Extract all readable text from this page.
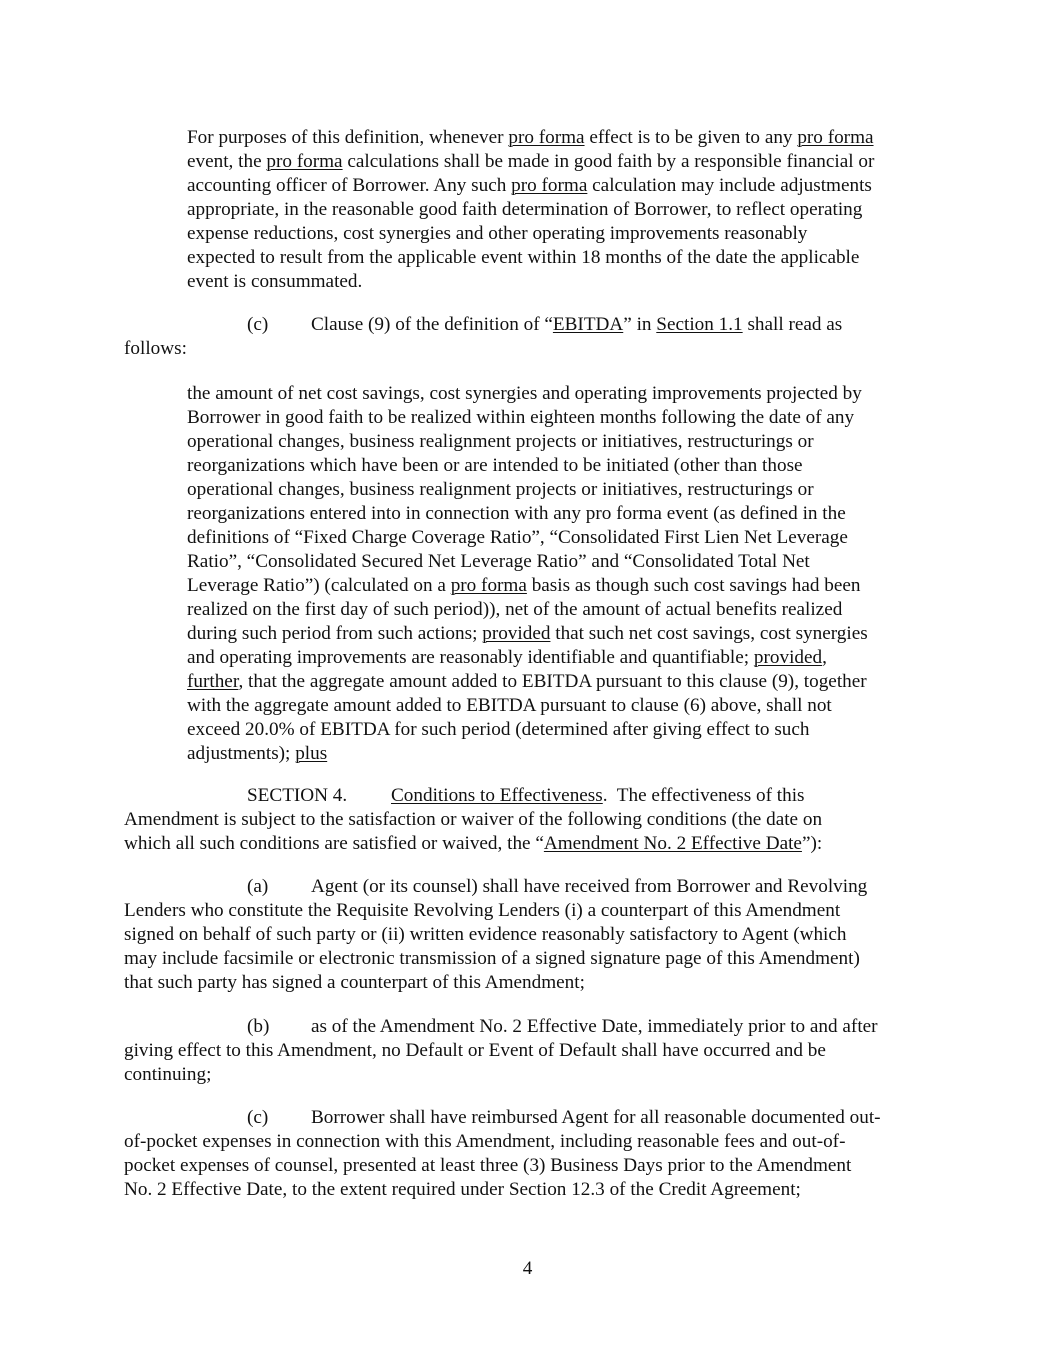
For purposes of this definition, whenever pro forma effect is to be given to any pro forma
event, the pro forma calculations shall be made in good faith by a responsible financial or
accounting officer of Borrower. Any such pro forma calculation may include adjustments
appropriate, in the reasonable good faith determination of Borrower, to reflect operating
expense reductions, cost synergies and other operating improvements reasonably
expected to result from the applicable event within 18 months of the date the applicable
event is consummated.
(c) Clause (9) of the definition of “EBITDA” in Section 1.1 shall read as
follows:
the amount of net cost savings, cost synergies and operating improvements projected by
Borrower in good faith to be realized within eighteen months following the date of any
operational changes, business realignment projects or initiatives, restructurings or
reorganizations which have been or are intended to be initiated (other than those
operational changes, business realignment projects or initiatives, restructurings or
reorganizations entered into in connection with any pro forma event (as defined in the
definitions of “Fixed Charge Coverage Ratio”, “Consolidated First Lien Net Leverage
Ratio”, “Consolidated Secured Net Leverage Ratio” and “Consolidated Total Net
Leverage Ratio”) (calculated on a pro forma basis as though such cost savings had been
realized on the first day of such period)), net of the amount of actual benefits realized
during such period from such actions; provided that such net cost savings, cost synergies
and operating improvements are reasonably identifiable and quantifiable; provided,
further, that the aggregate amount added to EBITDA pursuant to this clause (9), together
with the aggregate amount added to EBITDA pursuant to clause (6) above, shall not
exceed 20.0% of EBITDA for such period (determined after giving effect to such
adjustments); plus
SECTION 4. Conditions to Effectiveness.  The effectiveness of this
Amendment is subject to the satisfaction or waiver of the following conditions (the date on
which all such conditions are satisfied or waived, the “Amendment No. 2 Effective Date”):
(a) Agent (or its counsel) shall have received from Borrower and Revolving
Lenders who constitute the Requisite Revolving Lenders (i) a counterpart of this Amendment
signed on behalf of such party or (ii) written evidence reasonably satisfactory to Agent (which
may include facsimile or electronic transmission of a signed signature page of this Amendment)
that such party has signed a counterpart of this Amendment;
(b) as of the Amendment No. 2 Effective Date, immediately prior to and after
giving effect to this Amendment, no Default or Event of Default shall have occurred and be
continuing;
(c) Borrower shall have reimbursed Agent for all reasonable documented out-
of-pocket expenses in connection with this Amendment, including reasonable fees and out-of-
pocket expenses of counsel, presented at least three (3) Business Days prior to the Amendment
No. 2 Effective Date, to the extent required under Section 12.3 of the Credit Agreement;
4
